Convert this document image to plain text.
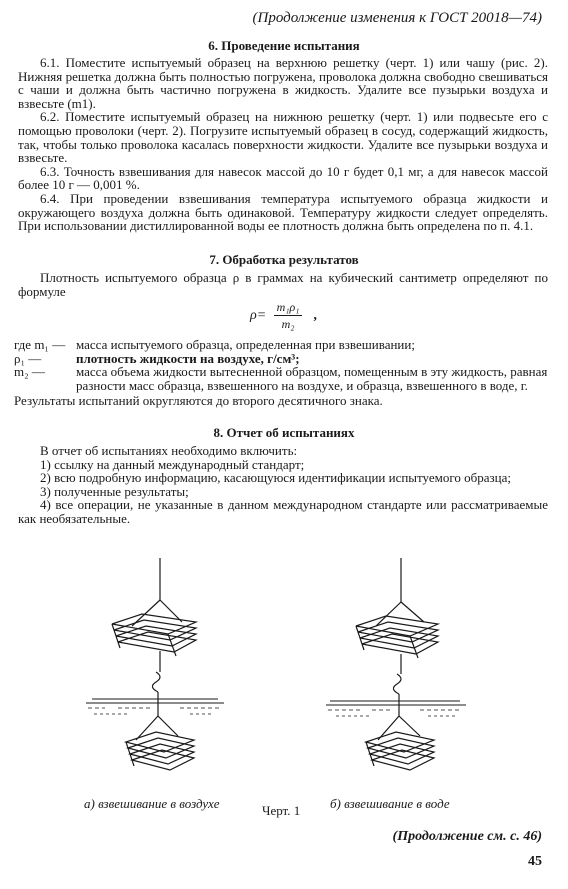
(Продолжение изменения к ГОСТ 20018—74)
6. Проведение испытания

6.1. Поместите испытуемый образец на верхнюю решетку (черт. 1) или чашу (рис. 2). Нижняя решетка должна быть полностью погружена, проволока должна свободно свешиваться с чаши и должна быть частично погружена в жидкость. Удалите все пузырьки воздуха и взвесьте (m1).

6.2. Поместите испытуемый образец на нижнюю решетку (черт. 1) или подвесьте его с помощью проволоки (черт. 2). Погрузите испытуемый образец в сосуд, содержащий жидкость, так, чтобы только проволока касалась поверхности жидкости. Удалите все пузырьки воздуха и взвесьте.

6.3. Точность взвешивания для навесок массой до 10 г будет 0,1 мг, а для навесок массой более 10 г — 0,001 %.

6.4. При проведении взвешивания температура испытуемого образца жидкости и окружающего воздуха должна быть одинаковой. Температуру жидкости следует определять. При использовании дистиллированной воды ее плотность должна быть определена по п. 4.1.

7. Обработка результатов

Плотность испытуемого образца ρ в граммах на кубический сантиметр определяют по формуле

$\rho= \frac{\text{m₁ρ₁}}{\text{m₂}}$ ,
где m₁ — масса испытуемого образца, определенная при взвешивании;
ρ₁ —	плотность жидкости на воздухе, г/см³;
m₂ —	масса объема жидкости вытесненной образцом, помещенным в эту жидкость, равная разности масс образца, взвешенного на воздухе, и образца, взвешенного в воде, г.
Результаты испытаний округляются до второго десятичного знака.
8. Отчет об испытаниях

В отчет об испытаниях необходимо включить:

1) ссылку на данный международный стандарт;

2) всю подробную информацию, касающуюся идентификации испытуемого образца;

3) полученные результаты;

4) все операции, не указанные в данном международном стандарте или рассматриваемые как необязательные.

а) взвешивание в воздухе	б) взвешивание в воде
Черт. 1
(Продолжение см. с. 46)
45
